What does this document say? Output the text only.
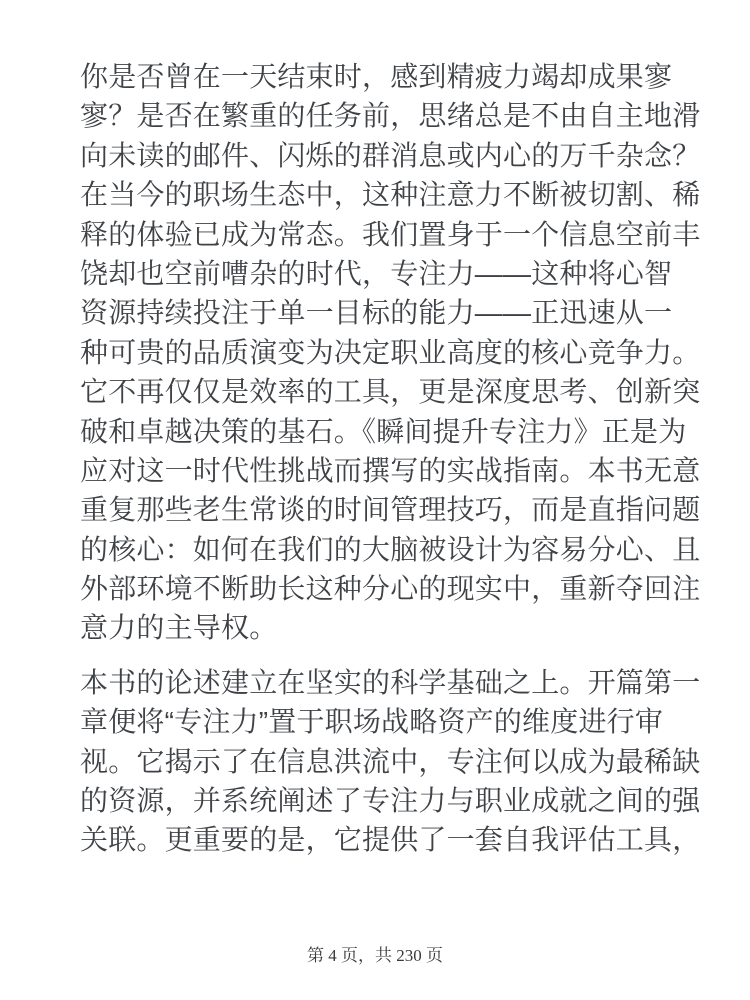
你是否曾在一天结束时，感到精疲力竭却成果寥
寥？是否在繁重的任务前，思绪总是不由自主地滑
向未读的邮件、闪烁的群消息或内心的万千杂念？
在当今的职场生态中，这种注意力不断被切割、稀
释的体验已成为常态。我们置身于一个信息空前丰
饶却也空前嘈杂的时代，专注力——这种将心智
资源持续投注于单一目标的能力——正迅速从一
种可贵的品质演变为决定职业高度的核心竞争力。
它不再仅仅是效率的工具，更是深度思考、创新突
破和卓越决策的基石。《瞬间提升专注力》正是为
应对这一时代性挑战而撰写的实战指南。本书无意
重复那些老生常谈的时间管理技巧，而是直指问题
的核心：如何在我们的大脑被设计为容易分心、且
外部环境不断助长这种分心的现实中，重新夺回注
意力的主导权。
本书的论述建立在坚实的科学基础之上。开篇第一
章便将“专注力”置于职场战略资产的维度进行审
视。它揭示了在信息洪流中，专注何以成为最稀缺
的资源，并系统阐述了专注力与职业成就之间的强
关联。更重要的是，它提供了一套自我评估工具，
第 4 页，共 230 页
